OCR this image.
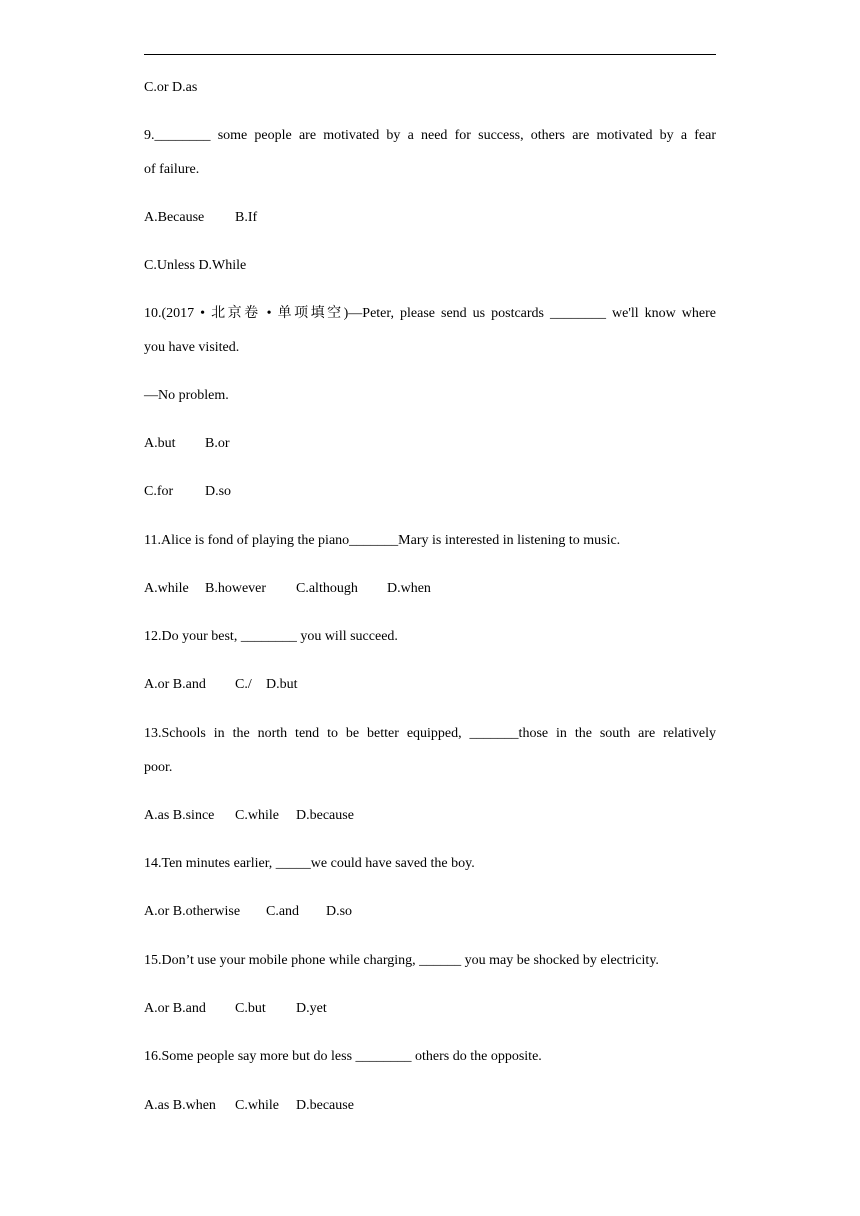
C.or D.as
9.________ some people are motivated by a need for success, others are motivated by a fear
of failure.
A.Because B.If
C.Unless D.While
10.(2017 • 北京卷 • 单项填空)—Peter, please send us postcards ________ we'll know where
you have visited.
—No problem.
A.but B.or
C.for D.so
11.Alice is fond of playing the piano_______Mary is interested in listening to music.
A.while B.however C.although D.when
12.Do your best, ________ you will succeed.
A.or B.and C./ D.but
13.Schools in the north tend to be better equipped, _______those in the south are relatively
poor.
A.as B.since C.while D.because
14.Ten minutes earlier, _____we could have saved the boy.
A.or B.otherwise C.and D.so
15.Don’t use your mobile phone while charging, ______ you may be shocked by electricity.
A.or B.and C.but D.yet
16.Some people say more but do less ________ others do the opposite.
A.as B.when C.while D.because
